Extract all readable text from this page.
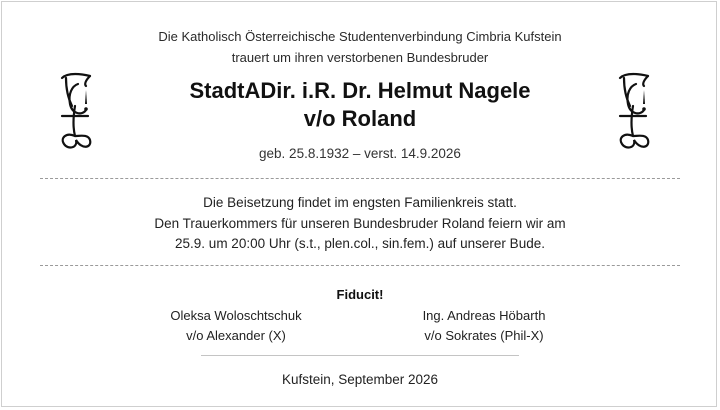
Die Katholisch Österreichische Studentenverbindung Cimbria Kufstein
trauert um ihren verstorbenen Bundesbruder
StadtADir. i.R. Dr. Helmut Nagele
v/o Roland
geb. 25.8.1932 – verst. 14.9.2026
Die Beisetzung findet im engsten Familienkreis statt.
Den Trauerkommers für unseren Bundesbruder Roland feiern wir am
25.9. um 20:00 Uhr (s.t., plen.col., sin.fem.) auf unserer Bude.
Fiducit!
Oleksa Woloschtschuk
v/o Alexander (X)
Ing. Andreas Höbarth
v/o Sokrates (Phil-X)
Kufstein, September 2026
